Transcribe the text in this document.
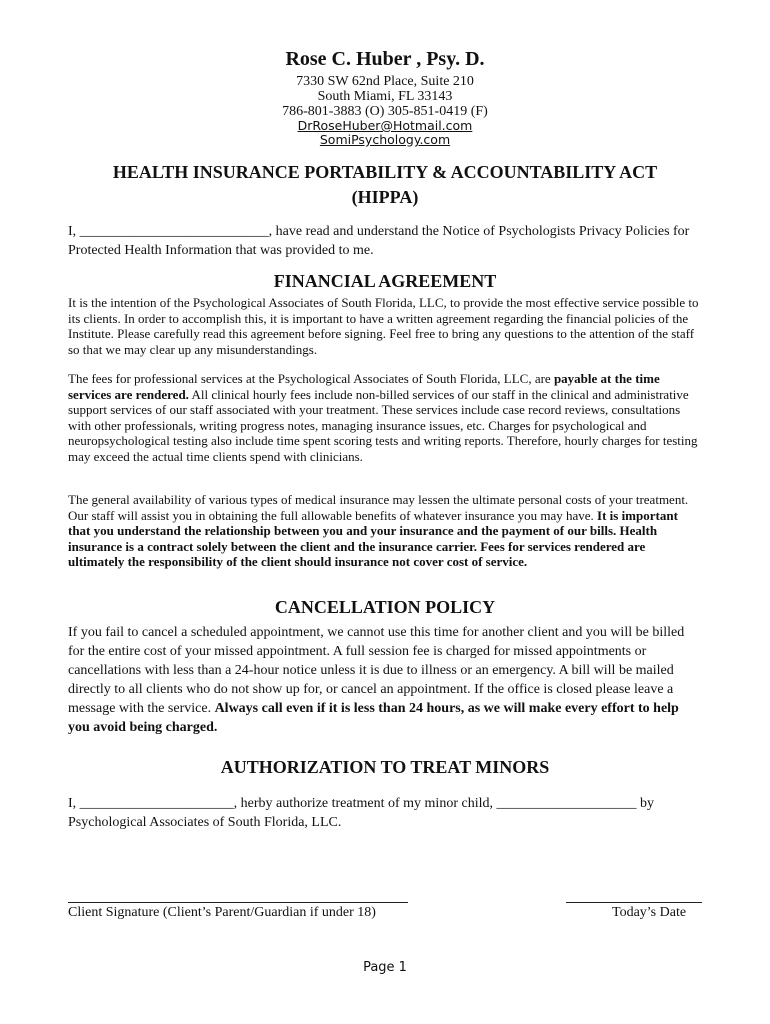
Rose C. Huber , Psy. D.
7330 SW 62nd Place, Suite 210
South Miami, FL 33143
786-801-3883 (O) 305-851-0419 (F)
DrRoseHuber@Hotmail.com
SomiPsychology.com
HEALTH INSURANCE PORTABILITY & ACCOUNTABILITY ACT
(HIPPA)
I, ___________________________, have read and understand the Notice of Psychologists Privacy Policies for Protected Health Information that was provided to me.
FINANCIAL AGREEMENT
It is the intention of the Psychological Associates of South Florida, LLC, to provide the most effective service possible to its clients. In order to accomplish this, it is important to have a written agreement regarding the financial policies of the Institute. Please carefully read this agreement before signing. Feel free to bring any questions to the attention of the staff so that we may clear up any misunderstandings.
The fees for professional services at the Psychological Associates of South Florida, LLC, are payable at the time services are rendered. All clinical hourly fees include non-billed services of our staff in the clinical and administrative support services of our staff associated with your treatment. These services include case record reviews, consultations with other professionals, writing progress notes, managing insurance issues, etc. Charges for psychological and neuropsychological testing also include time spent scoring tests and writing reports. Therefore, hourly charges for testing may exceed the actual time clients spend with clinicians.
The general availability of various types of medical insurance may lessen the ultimate personal costs of your treatment. Our staff will assist you in obtaining the full allowable benefits of whatever insurance you may have. It is important that you understand the relationship between you and your insurance and the payment of our bills. Health insurance is a contract solely between the client and the insurance carrier. Fees for services rendered are ultimately the responsibility of the client should insurance not cover cost of service.
CANCELLATION POLICY
If you fail to cancel a scheduled appointment, we cannot use this time for another client and you will be billed for the entire cost of your missed appointment. A full session fee is charged for missed appointments or cancellations with less than a 24-hour notice unless it is due to illness or an emergency. A bill will be mailed directly to all clients who do not show up for, or cancel an appointment. If the office is closed please leave a message with the service. Always call even if it is less than 24 hours, as we will make every effort to help you avoid being charged.
AUTHORIZATION TO TREAT MINORS
I, ______________________, herby authorize treatment of my minor child, ____________________ by Psychological Associates of South Florida, LLC.
Client Signature (Client’s Parent/Guardian if under 18)	Today’s Date
Page 1
